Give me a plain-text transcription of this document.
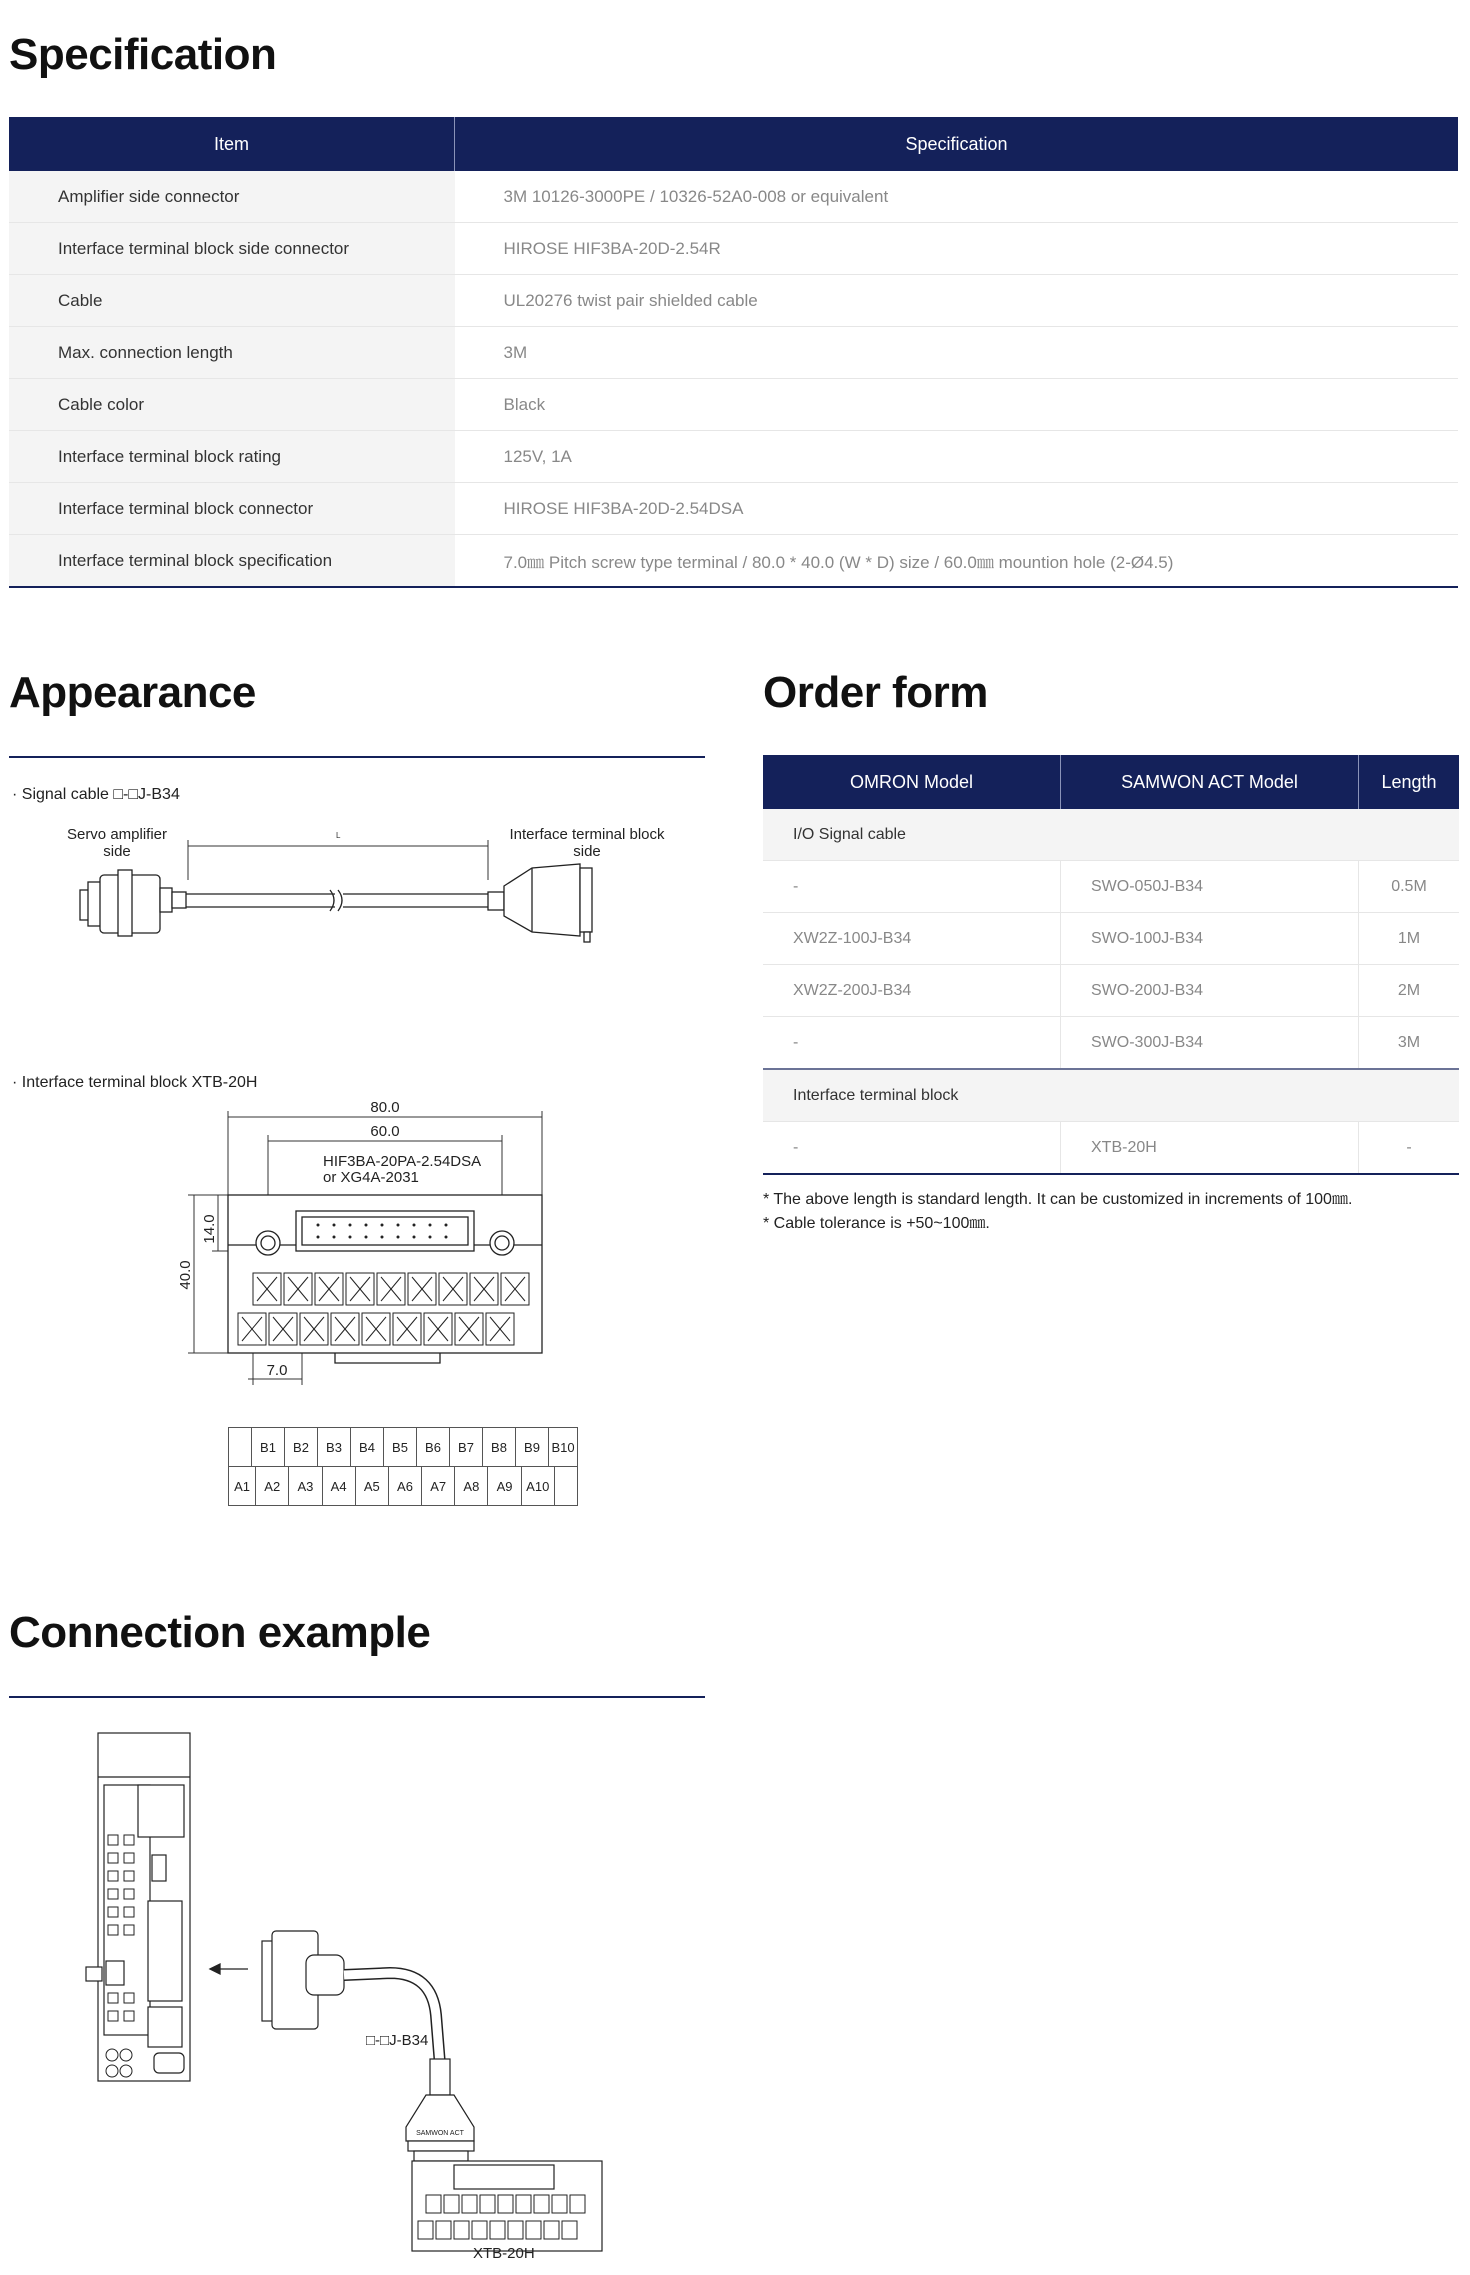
Specification
Item	Specification
Amplifier side connector	3M 10126-3000PE / 10326-52A0-008 or equivalent
Interface terminal block side connector	HIROSE HIF3BA-20D-2.54R
Cable	UL20276 twist pair shielded cable
Max. connection length	3M
Cable color	Black
Interface terminal block rating	125V, 1A
Interface terminal block connector	HIROSE HIF3BA-20D-2.54DSA
Interface terminal block specification	7.0㎜ Pitch screw type terminal / 80.0 * 40.0 (W * D) size / 60.0㎜ mountion hole (2-Ø4.5)
Appearance
· Signal cable □-□J-B34
Servo amplifier
side
Interface terminal block
side
L
· Interface terminal block XTB-20H
80.0
60.0
HIF3BA-20PA-2.54DSA
or XG4A-2031
14.0
40.0
7.0
	B1	B2	B3	B4	B5	B6	B7	B8	B9	B10

A1	A2	A3	A4	A5	A6	A7	A8	A9	A10	
Order form
OMRON Model	SAMWON ACT Model	Length
I/O Signal cable		
-	SWO-050J-B34	0.5M
XW2Z-100J-B34	SWO-100J-B34	1M
XW2Z-200J-B34	SWO-200J-B34	2M
-	SWO-300J-B34	3M
Interface terminal block		
-	XTB-20H	-
* The above length is standard length. It can be customized in increments of 100㎜.
* Cable tolerance is +50~100㎜.
Connection example
□-□J-B34
SAMWON ACT
XTB-20H
